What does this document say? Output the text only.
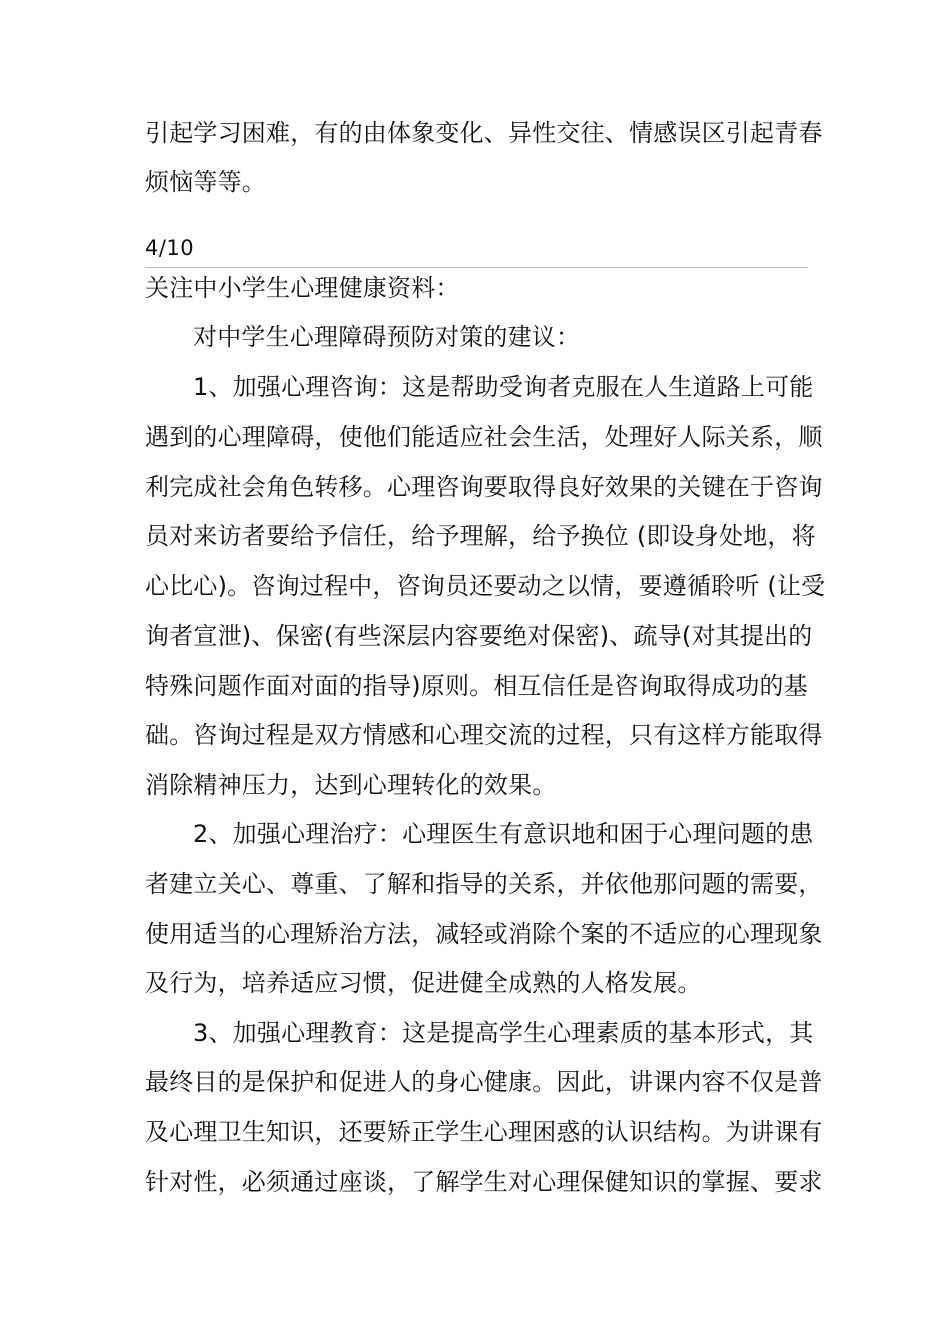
引起学习困难，有的由体象变化、异性交往、情感误区引起青春
烦恼等等。
4/10
关注中小学生心理健康资料：
对中学生心理障碍预防对策的建议：
1、加强心理咨询：这是帮助受询者克服在人生道路上可能
遇到的心理障碍，使他们能适应社会生活，处理好人际关系，顺
利完成社会角色转移。心理咨询要取得良好效果的关键在于咨询
员对来访者要给予信任，给予理解，给予换位 (即设身处地，将
心比心)。咨询过程中，咨询员还要动之以情，要遵循聆听 (让受
询者宣泄)、保密(有些深层内容要绝对保密)、疏导(对其提出的
特殊问题作面对面的指导)原则。相互信任是咨询取得成功的基
础。咨询过程是双方情感和心理交流的过程，只有这样方能取得
消除精神压力，达到心理转化的效果。
2、加强心理治疗：心理医生有意识地和困于心理问题的患
者建立关心、尊重、了解和指导的关系，并依他那问题的需要，
使用适当的心理矫治方法，减轻或消除个案的不适应的心理现象
及行为，培养适应习惯，促进健全成熟的人格发展。
3、加强心理教育：这是提高学生心理素质的基本形式，其
最终目的是保护和促进人的身心健康。因此，讲课内容不仅是普
及心理卫生知识，还要矫正学生心理困惑的认识结构。为讲课有
针对性，必须通过座谈，了解学生对心理保健知识的掌握、要求
